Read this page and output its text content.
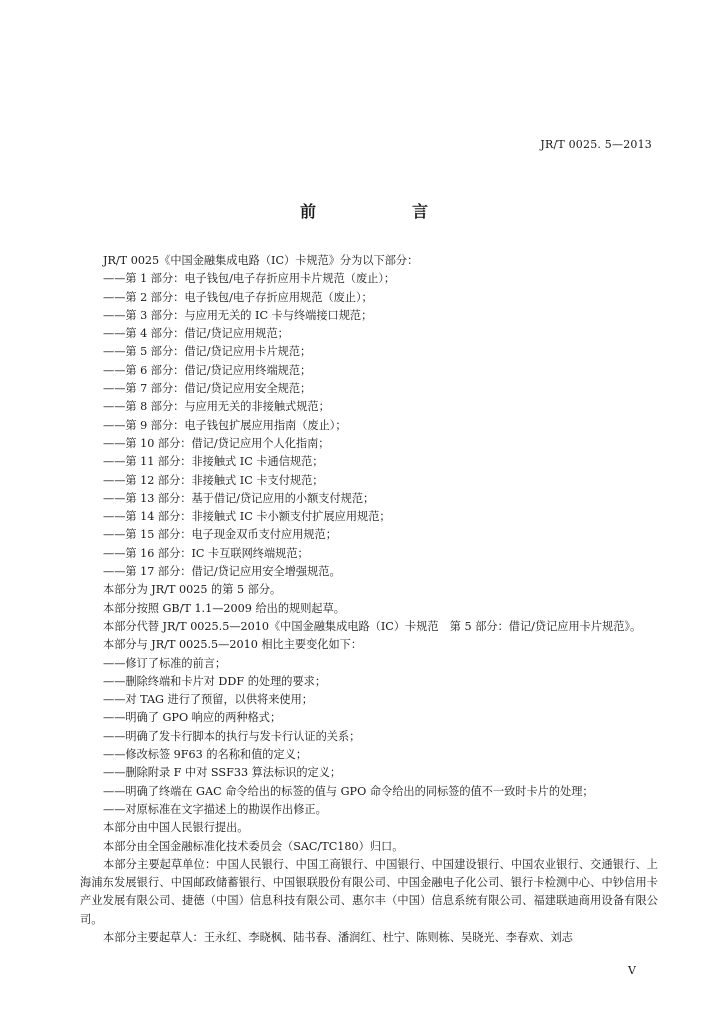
JR/T 0025. 5—2013
前　言

JR/T 0025《中国金融集成电路（IC）卡规范》分为以下部分：

——第 1 部分：电子钱包/电子存折应用卡片规范（废止）；

——第 2 部分：电子钱包/电子存折应用规范（废止）；

——第 3 部分：与应用无关的 IC 卡与终端接口规范；

——第 4 部分：借记/贷记应用规范；

——第 5 部分：借记/贷记应用卡片规范；

——第 6 部分：借记/贷记应用终端规范；

——第 7 部分：借记/贷记应用安全规范；

——第 8 部分：与应用无关的非接触式规范；

——第 9 部分：电子钱包扩展应用指南（废止）；

——第 10 部分：借记/贷记应用个人化指南；

——第 11 部分：非接触式 IC 卡通信规范；

——第 12 部分：非接触式 IC 卡支付规范；

——第 13 部分：基于借记/贷记应用的小额支付规范；

——第 14 部分：非接触式 IC 卡小额支付扩展应用规范；

——第 15 部分：电子现金双币支付应用规范；

——第 16 部分：IC 卡互联网终端规范；

——第 17 部分：借记/贷记应用安全增强规范。

本部分为 JR/T 0025 的第 5 部分。

本部分按照 GB/T 1.1—2009 给出的规则起草。

本部分代替 JR/T 0025.5—2010《中国金融集成电路（IC）卡规范　第 5 部分：借记/贷记应用卡片规范》。

本部分与 JR/T 0025.5—2010 相比主要变化如下：

——修订了标准的前言；

——删除终端和卡片对 DDF 的处理的要求；

——对 TAG 进行了预留，以供将来使用；

——明确了 GPO 响应的两种格式；

——明确了发卡行脚本的执行与发卡行认证的关系；

——修改标签 9F63 的名称和值的定义；

——删除附录 F 中对 SSF33 算法标识的定义；

——明确了终端在 GAC 命令给出的标签的值与 GPO 命令给出的同标签的值不一致时卡片的处理；

——对原标准在文字描述上的勘误作出修正。

本部分由中国人民银行提出。

本部分由全国金融标准化技术委员会（SAC/TC180）归口。

本部分主要起草单位：中国人民银行、中国工商银行、中国银行、中国建设银行、中国农业银行、交通银行、上海浦东发展银行、中国邮政储蓄银行、中国银联股份有限公司、中国金融电子化公司、银行卡检测中心、中钞信用卡产业发展有限公司、捷德（中国）信息科技有限公司、惠尔丰（中国）信息系统有限公司、福建联迪商用设备有限公司。

本部分主要起草人：王永红、李晓枫、陆书春、潘润红、杜宁、陈则栋、吴晓光、李春欢、刘志

V
